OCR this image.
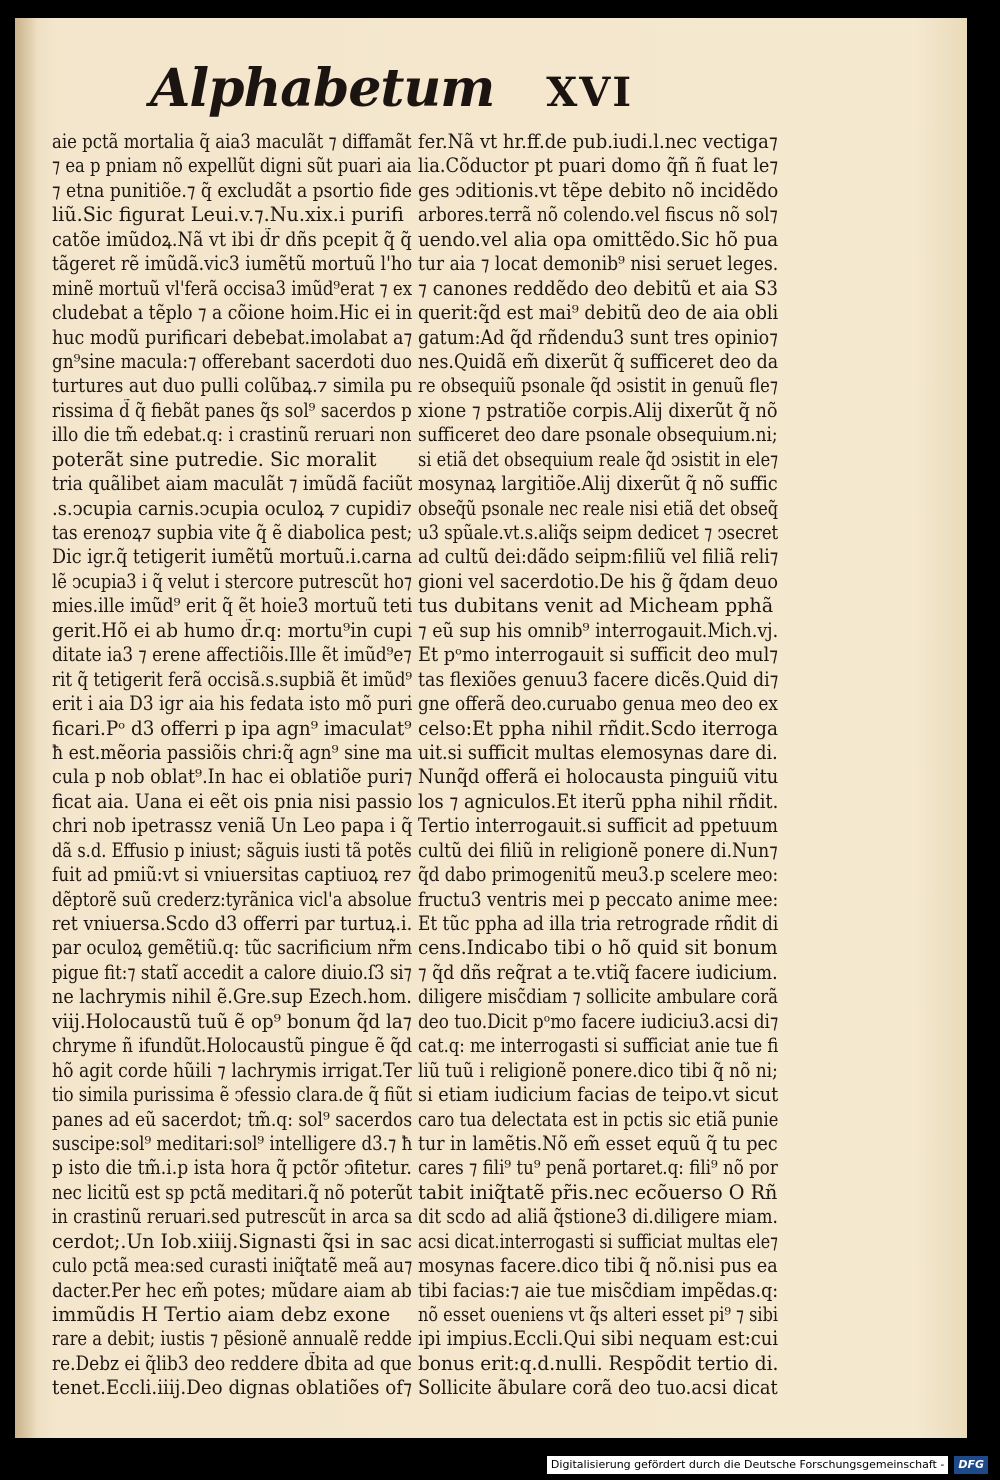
Alphabetum XVI
aie pctã mortalia q̃ aia3 maculãt ⁊ diffamãt
⁊ ea p pniam nõ expellũt digni sũt puari aia
⁊ etna punitiõe.⁊ q̃ excludãt a psortio fide
liũ.Sic figurat Leui.v.⁊.Nu.xix.i purifi
catõe imũdoꝝ.Nã vt ibi d̃r dñs pcepit q̃ q̃
tãgeret rẽ imũdã.vic3 iumẽtũ mortuũ l'ho
minẽ mortuũ vl'ferã occisa3 imũd⁹erat ⁊ ex
cludebat a tẽplo ⁊ a cõione hoim.Hic ei in
huc modũ purificari debebat.imolabat a⁊
gn⁹sine macula:⁊ offerebant sacerdoti duo
turtures aut duo pulli colũbaꝝ.⁊ simila pu
rissima d̃ q̃ fiebãt panes q̃s sol⁹ sacerdos p
illo die tm̃ edebat.q: i crastinũ reruari non
poterãt sine putredie. Sic moralit
tria quãlibet aiam maculãt ⁊ imũdã faciũt
.s.ↄcupia carnis.ↄcupia oculoꝝ ⁊ cupidi⁊
tas erenoꝝ⁊ supbia vite q̃ ẽ diabolica pest;
Dic igr.q̃ tetigerit iumẽtũ mortuũ.i.carna
lẽ ↄcupia3 i q̃ velut i stercore putrescũt ho⁊
mies.ille imũd⁹ erit q̃ ẽt hoie3 mortuũ teti
gerit.Hõ ei ab humo d̃r.q: mortu⁹in cupi
ditate ia3 ⁊ erene affectiõis.Ille ẽt imũd⁹e⁊
rit q̃ tetigerit ferã occisã.s.supbiã ẽt imũd⁹
erit i aia D3 igr aia his fedata isto mõ puri
ficari.Pᵒ d3 offerri p ipa agn⁹ imaculat⁹
ħ est.mẽoria passiõis chri:q̃ agn⁹ sine ma
cula p nob oblat⁹.In hac ei oblatiõe puri⁊
ficat aia. Uana ei eẽt ois pnia nisi passio
chri nob ipetrassz veniã Un Leo papa i q̃
dã s.d. Effusio p iniust; sãguis iusti tã potẽs
fuit ad pmiũ:vt si vniuersitas captiuoꝝ re⁊
dẽptorẽ suũ crederz:tyrãnica vicl'a absolue
ret vniuersa.Scdo d3 offerri par turtuꝝ.i.
par oculoꝝ gemẽtiũ.q: tũc sacrificium nr̃m
pigue fit:⁊ statĩ accedit a calore diuio.ſ3 si⁊
ne lachrymis nihil ẽ.Gre.sup Ezech.hom.
viij.Holocaustũ tuũ ẽ op⁹ bonum q̃d la⁊
chryme ñ ifundũt.Holocaustũ pingue ẽ q̃d
hõ agit corde hũili ⁊ lachrymis irrigat.Ter
tio simila purissima ẽ ↄfessio clara.de q̃ fiũt
panes ad eũ sacerdot; tm̃.q: sol⁹ sacerdos
suscipe:sol⁹ meditari:sol⁹ intelligere d3.⁊ ħ
p isto die tm̃.i.p ista hora q̃ pctõr ↄfitetur.
nec licitũ est sp pctã meditari.q̃ nõ poterũt
in crastinũ reruari.sed putrescũt in arca sa
cerdot;.Un Iob.xiiij.Signasti q̃si in sac
culo pctã mea:sed curasti iniq̃tatẽ meã au⁊
dacter.Per hec em̃ potes; mũdare aiam ab
immũdis H Tertio aiam debz exone
rare a debit; iustis ⁊ pẽsionẽ annualẽ redde
re.Debz ei q̃lib3 deo reddere d̃bita ad que
tenet.Eccli.iiij.Deo dignas oblatiões of⁊
fer.Nã vt hr.ff.de pub.iudi.l.nec vectiga⁊
lia.Cõductor pt puari domo q̃ñ ñ fuat le⁊
ges ↄditionis.vt tẽpe debito nõ incidẽdo
arbores.terrã nõ colendo.vel fiscus nõ sol⁊
uendo.vel alia opa omittẽdo.Sic hõ pua
tur aia ⁊ locat demonib⁹ nisi seruet leges.
⁊ canones reddẽdo deo debitũ et aia S3
querit:q̃d est mai⁹ debitũ deo de aia obli
gatum:Ad q̃d rñdendu3 sunt tres opinio⁊
nes.Quidã em̃ dixerũt q̃ sufficeret deo da
re obsequiũ psonale q̃d ↄsistit in genuũ fle⁊
xione ⁊ pstratiõe corpis.Alij dixerũt q̃ nõ
sufficeret deo dare psonale obsequium.ni;
si etiã det obsequium reale q̃d ↄsistit in ele⁊
mosynaꝝ largitiõe.Alij dixerũt q̃ nõ suffic
obseq̃ũ psonale nec reale nisi etiã det obseq̃
u3 spũale.vt.s.aliq̃s seipm dedicet ⁊ ↄsecret
ad cultũ dei:dãdo seipm:filiũ vel filiã reli⁊
gioni vel sacerdotio.De his g̃ q̃dam deuo
tus dubitans venit ad Micheam pphã
⁊ eũ sup his omnib⁹ interrogauit.Mich.vj.
Et pᵒmo interrogauit si sufficit deo mul⁊
tas flexiões genuu3 facere dicẽs.Quid di⁊
gne offerã deo.curuabo genua meo deo ex
celso:Et ppha nihil rñdit.Scdo iterroga
uit.si sufficit multas elemosynas dare di.
Nunq̃d offerã ei holocausta pinguiũ vitu
los ⁊ agniculos.Et iterũ ppha nihil rñdit.
Tertio interrogauit.si sufficit ad ppetuum
cultũ dei filiũ in religionẽ ponere di.Nun⁊
q̃d dabo primogenitũ meu3.p scelere meo:
fructu3 ventris mei p peccato anime mee:
Et tũc ppha ad illa tria retrograde rñdit di
cens.Indicabo tibi o hõ quid sit bonum
⁊ q̃d dñs req̃rat a te.vtiq̃ facere iudicium.
diligere misc̃diam ⁊ sollicite ambulare corã
deo tuo.Dicit pᵒmo facere iudiciu3.acsi di⁊
cat.q: me interrogasti si sufficiat anie tue fi
liũ tuũ i religionẽ ponere.dico tibi q̃ nõ ni;
si etiam iudicium facias de teipo.vt sicut
caro tua delectata est in pctis sic etiã punie
tur in lamẽtis.Nõ em̃ esset equũ q̃ tu pec
cares ⁊ fili⁹ tu⁹ penã portaret.q: fili⁹ nõ por
tabit iniq̃tatẽ pr̃is.nec ecõuerso O Rñ
dit scdo ad aliã q̃stione3 di.diligere miam.
acsi dicat.interrogasti si sufficiat multas ele⁊
mosynas facere.dico tibi q̃ nõ.nisi pus ea
tibi facias:⁊ aie tue misc̃diam impẽdas.q:
nõ esset oueniens vt q̃s alteri esset pi⁹ ⁊ sibi
ipi impius.Eccli.Qui sibi nequam est:cui
bonus erit:q.d.nulli. Respõdit tertio di.
Sollicite ãbulare corã deo tuo.acsi dicat
Digitalisierung gefördert durch die Deutsche Forschungsgemeinschaft -	DFG
